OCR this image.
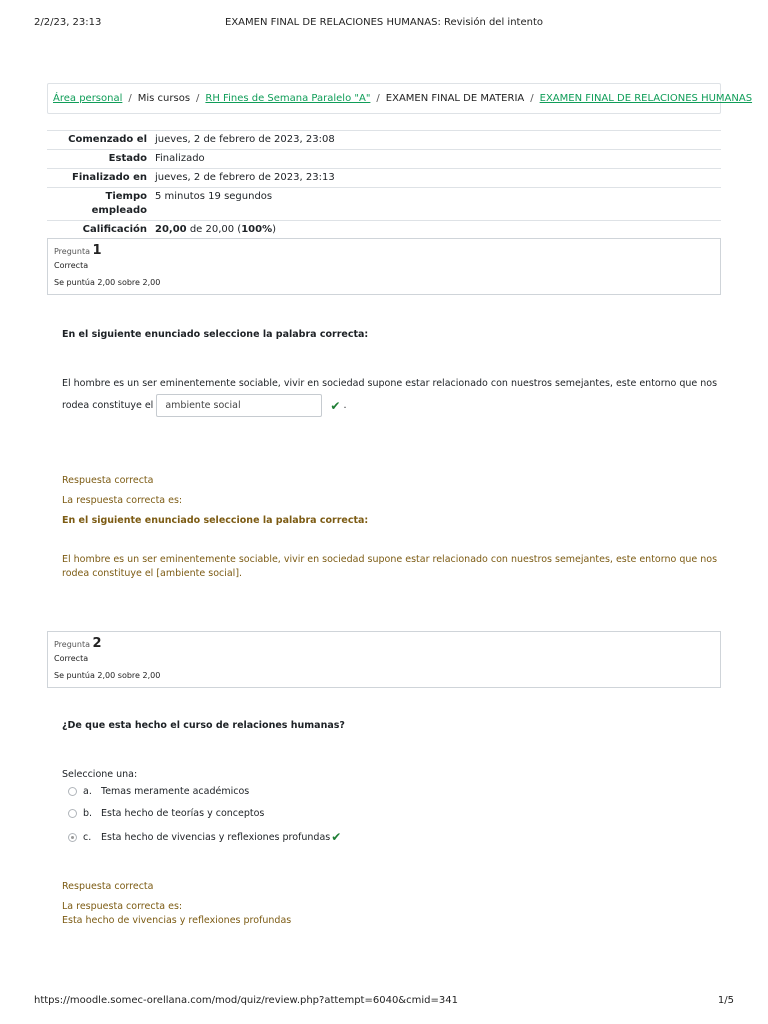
2/2/23, 23:13	EXAMEN FINAL DE RELACIONES HUMANAS: Revisión del intento
Área personal / Mis cursos / RH Fines de Semana Paralelo "A" / EXAMEN FINAL DE MATERIA / EXAMEN FINAL DE RELACIONES HUMANAS
Comenzado el	jueves, 2 de febrero de 2023, 23:08
Estado	Finalizado
Finalizado en	jueves, 2 de febrero de 2023, 23:13
Tiempo
empleado	5 minutos 19 segundos
Calificación	20,00 de 20,00 (100%)
Pregunta 1
Correcta
Se puntúa 2,00 sobre 2,00
En el siguiente enunciado seleccione la palabra correcta:
El hombre es un ser eminentemente sociable, vivir en sociedad supone estar relacionado con nuestros semejantes, este entorno que nos
rodea constituye el ambiente social	✔ .
Respuesta correcta
La respuesta correcta es:
En el siguiente enunciado seleccione la palabra correcta:
El hombre es un ser eminentemente sociable, vivir en sociedad supone estar relacionado con nuestros semejantes, este entorno que nos
rodea constituye el [ambiente social].
Pregunta 2
Correcta
Se puntúa 2,00 sobre 2,00
¿De que esta hecho el curso de relaciones humanas?
Seleccione una:
a. Temas meramente académicos
b. Esta hecho de teorías y conceptos
c.	Esta hecho de vivencias y reflexiones profundas ✔
Respuesta correcta
La respuesta correcta es:
Esta hecho de vivencias y reflexiones profundas
https://moodle.somec-orellana.com/mod/quiz/review.php?attempt=6040&cmid=341	1/5
